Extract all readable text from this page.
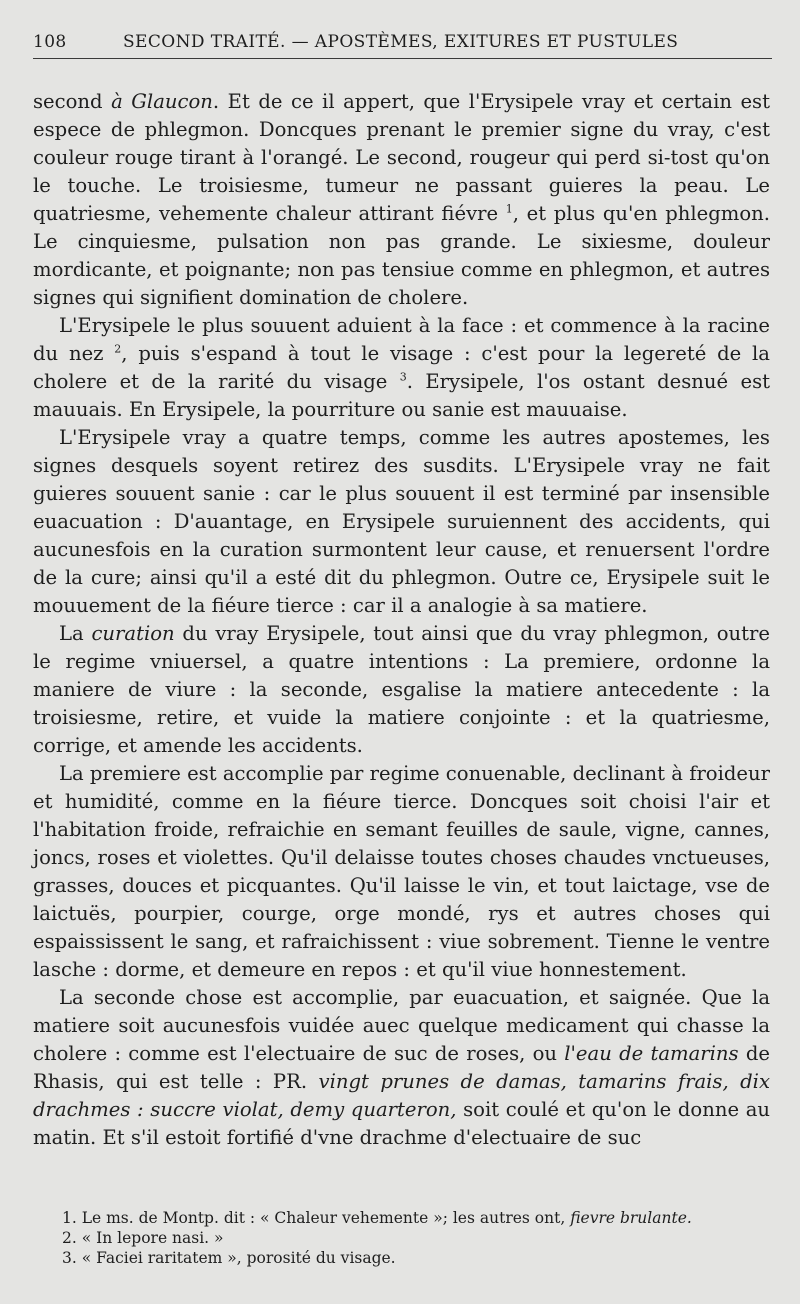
108	SECOND TRAITÉ. — APOSTÈMES, EXITURES ET PUSTULES

second à Glaucon. Et de ce il appert, que l'Erysipele vray et certain est espece de phlegmon. Doncques prenant le premier signe du vray, c'est couleur rouge tirant à l'orangé. Le second, rougeur qui perd si-tost qu'on le touche. Le troisiesme, tumeur ne passant guieres la peau. Le quatriesme, vehemente chaleur attirant fiévre $^1$, et plus qu'en phlegmon. Le cinquiesme, pulsation non pas grande. Le sixiesme, douleur mordicante, et poignante; non pas tensiue comme en phlegmon, et autres signes qui signifient domination de cholere.

L'Erysipele le plus souuent aduient à la face : et commence à la racine du nez $^2$, puis s'espand à tout le visage : c'est pour la legereté de la cholere et de la rarité du visage $^3$. Erysipele, l'os ostant desnué est mauuais. En Erysipele, la pourriture ou sanie est mauuaise.

L'Erysipele vray a quatre temps, comme les autres apostemes, les signes desquels soyent retirez des susdits. L'Erysipele vray ne fait guieres souuent sanie : car le plus souuent il est terminé par insensible euacuation : D'auantage, en Erysipele suruiennent des accidents, qui aucunesfois en la curation surmontent leur cause, et renuersent l'ordre de la cure; ainsi qu'il a esté dit du phlegmon. Outre ce, Erysipele suit le mouuement de la fiéure tierce : car il a analogie à sa matiere.

La curation du vray Erysipele, tout ainsi que du vray phlegmon, outre le regime vniuersel, a quatre intentions : La premiere, ordonne la maniere de viure : la seconde, esgalise la matiere antecedente : la troisiesme, retire, et vuide la matiere conjointe : et la quatriesme, corrige, et amende les accidents.

La premiere est accomplie par regime conuenable, declinant à froideur et humidité, comme en la fiéure tierce. Doncques soit choisi l'air et l'habitation froide, refraichie en semant feuilles de saule, vigne, cannes, joncs, roses et violettes. Qu'il delaisse toutes choses chaudes vnctueuses, grasses, douces et picquantes. Qu'il laisse le vin, et tout laictage, vse de laictuës, pourpier, courge, orge mondé, rys et autres choses qui espaississent le sang, et rafraichissent : viue sobrement. Tienne le ventre lasche : dorme, et demeure en repos : et qu'il viue honnestement.

La seconde chose est accomplie, par euacuation, et saignée. Que la matiere soit aucunesfois vuidée auec quelque medicament qui chasse la cholere : comme est l'electuaire de suc de roses, ou l'eau de tamarins de Rhasis, qui est telle : PR. vingt prunes de damas, tamarins frais, dix drachmes : succre violat, demy quarteron, soit coulé et qu'on le donne au matin. Et s'il estoit fortifié d'vne drachme d'electuaire de suc

1. Le ms. de Montp. dit : « Chaleur vehemente »; les autres ont, fievre brulante.
2. « In lepore nasi. »
3. « Faciei raritatem », porosité du visage.
